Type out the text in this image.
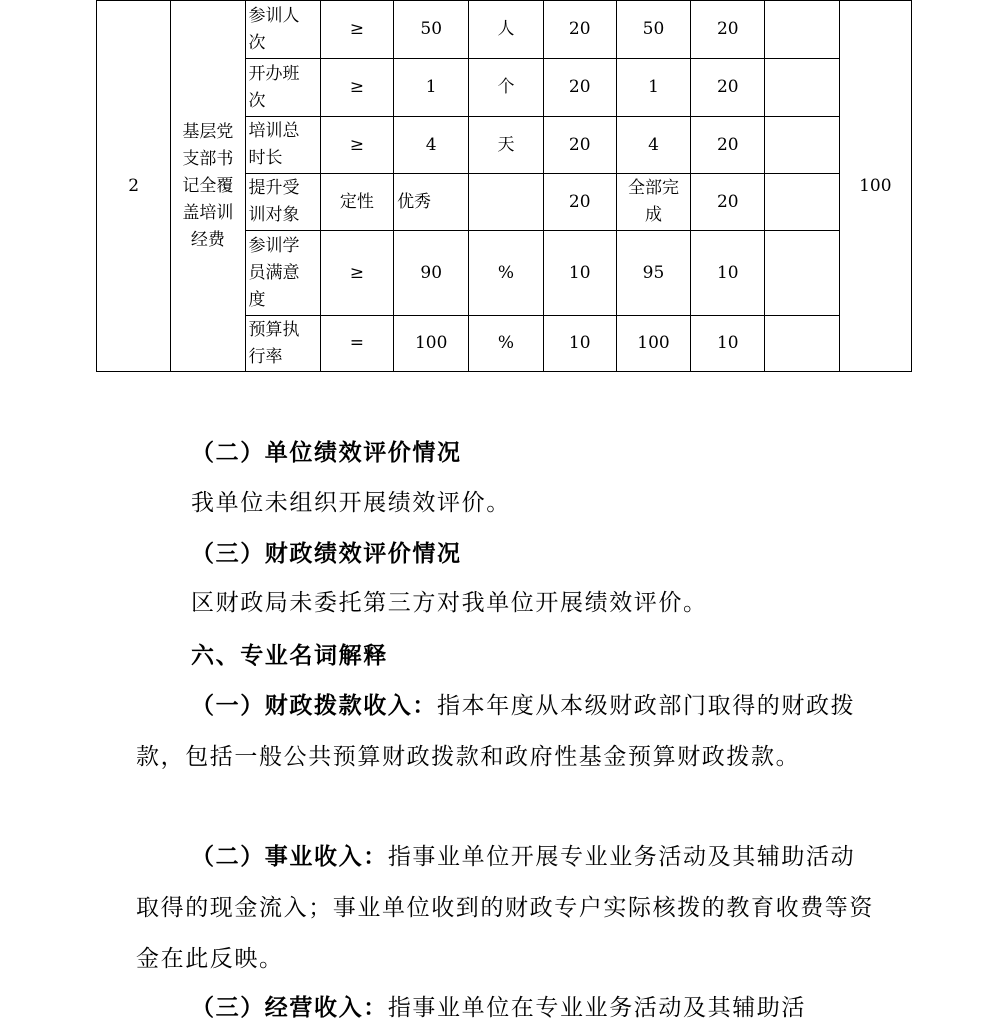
2	基层党支部书记全覆盖培训经费	参训人次	≥	50	人	20	50	20		100
		开办班次	≥	1	个	20	1	20		
		培训总时长	≥	4	天	20	4	20		
		提升受训对象	定性	优秀		20	全部完成	20		
		参训学员满意度	≥	90	%	10	95	10		
		预算执行率	=	100	%	10	100	10		
（二）单位绩效评价情况
我单位未组织开展绩效评价。
（三）财政绩效评价情况
区财政局未委托第三方对我单位开展绩效评价。
六、专业名词解释
（一）财政拨款收入：指本年度从本级财政部门取得的财政拨款，包括一般公共预算财政拨款和政府性基金预算财政拨款。
（二）事业收入：指事业单位开展专业业务活动及其辅助活动取得的现金流入；事业单位收到的财政专户实际核拨的教育收费等资金在此反映。
（三）经营收入：指事业单位在专业业务活动及其辅助活
